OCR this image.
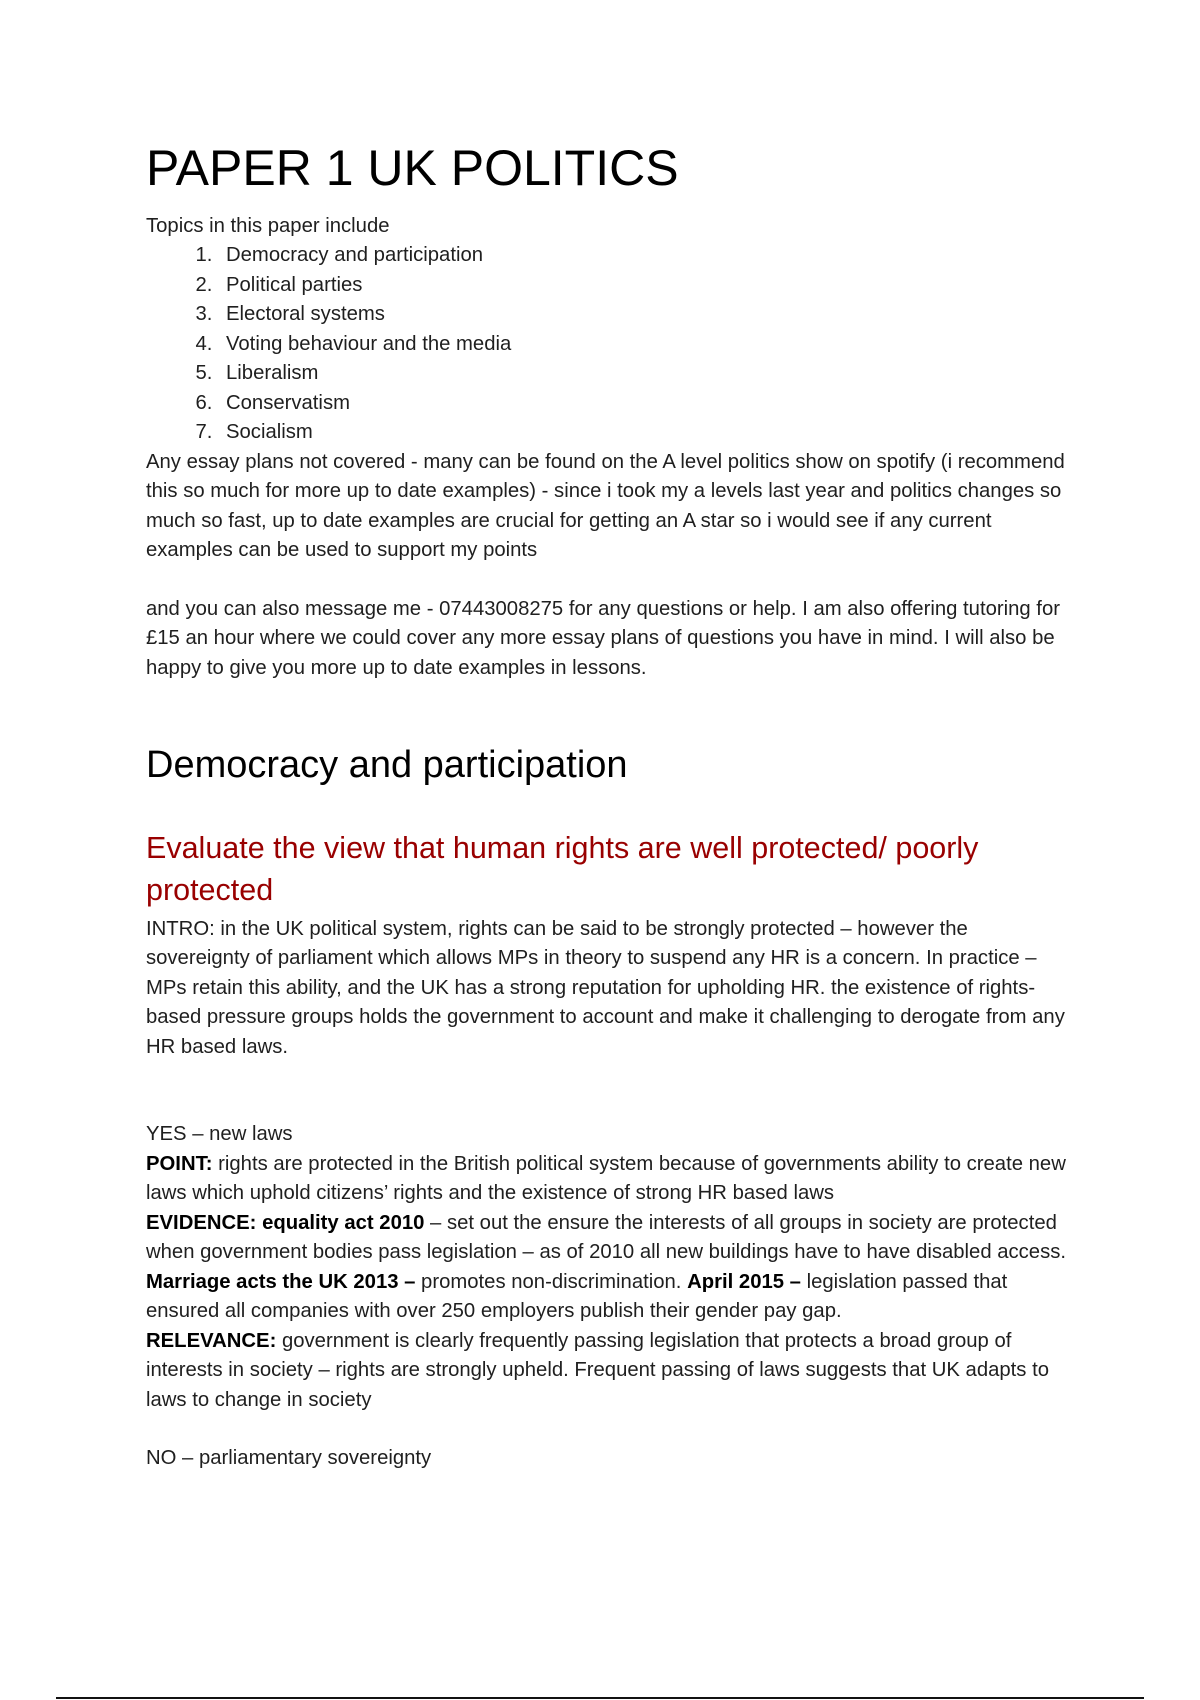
PAPER 1 UK POLITICS

Topics in this paper include

1. Democracy and participation
2. Political parties
3. Electoral systems
4. Voting behaviour and the media
5. Liberalism
6. Conservatism
7. Socialism

Any essay plans not covered - many can be found on the A level politics show on spotify (i recommend this so much for more up to date examples) - since i took my a levels last year and politics changes so much so fast, up to date examples are crucial for getting an A star so i would see if any current examples can be used to support my points

and you can also message me - 07443008275 for any questions or help. I am also offering tutoring for £15 an hour where we could cover any more essay plans of questions you have in mind. I will also be happy to give you more up to date examples in lessons.

Democracy and participation
Evaluate the view that human rights are well protected/ poorly protected

INTRO: in the UK political system, rights can be said to be strongly protected – however the sovereignty of parliament which allows MPs in theory to suspend any HR is a concern. In practice – MPs retain this ability, and the UK has a strong reputation for upholding HR. the existence of rights-based pressure groups holds the government to account and make it challenging to derogate from any HR based laws.

YES – new laws

POINT: rights are protected in the British political system because of governments ability to create new laws which uphold citizens’ rights and the existence of strong HR based laws

EVIDENCE: equality act 2010 – set out the ensure the interests of all groups in society are protected when government bodies pass legislation – as of 2010 all new buildings have to have disabled access. Marriage acts the UK 2013 – promotes non-discrimination. April 2015 – legislation passed that ensured all companies with over 250 employers publish their gender pay gap.

RELEVANCE: government is clearly frequently passing legislation that protects a broad group of interests in society – rights are strongly upheld. Frequent passing of laws suggests that UK adapts to laws to change in society

NO – parliamentary sovereignty
